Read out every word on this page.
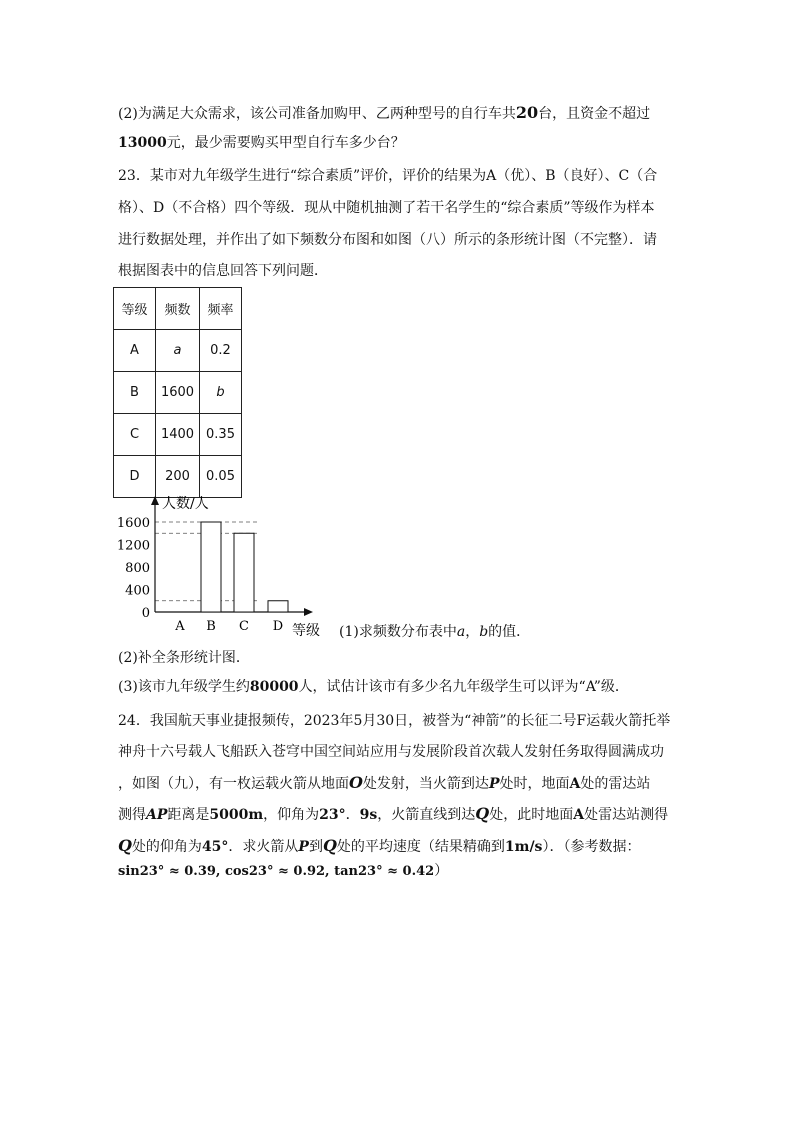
(2)为满足大众需求，该公司准备加购甲、乙两种型号的自行车共20台，且资金不超过
13000元，最少需要购买甲型自行车多少台？
23．某市对九年级学生进行“综合素质”评价，评价的结果为A（优）、B（良好）、C（合
格）、D（不合格）四个等级．现从中随机抽测了若干名学生的“综合素质”等级作为样本
进行数据处理，并作出了如下频数分布图和如图（八）所示的条形统计图（不完整）．请
根据图表中的信息回答下列问题．
等级	频数	频率
A	a	0.2
B	1600	b
C	1400	0.35
D	200	0.05
0
400
800
1200
1600
A B C D
人数/人
等级 (1)求频数分布表中a，b的值．
(2)补全条形统计图．
(3)该市九年级学生约80000人，试估计该市有多少名九年级学生可以评为“A”级．
24．我国航天事业捷报频传，2023年5月30日，被誉为“神箭”的长征二号F运载火箭托举
神舟十六号载人飞船跃入苍穹中国空间站应用与发展阶段首次载人发射任务取得圆满成功
，如图（九），有一枚运载火箭从地面O处发射，当火箭到达P处时，地面A处的雷达站
测得AP距离是5000m，仰角为23°．9s，火箭直线到达Q处，此时地面A处雷达站测得
Q处的仰角为45°．求火箭从P到Q处的平均速度（结果精确到1m/s）．（参考数据：
sin23° ≈ 0.39, cos23° ≈ 0.92, tan23° ≈ 0.42）
